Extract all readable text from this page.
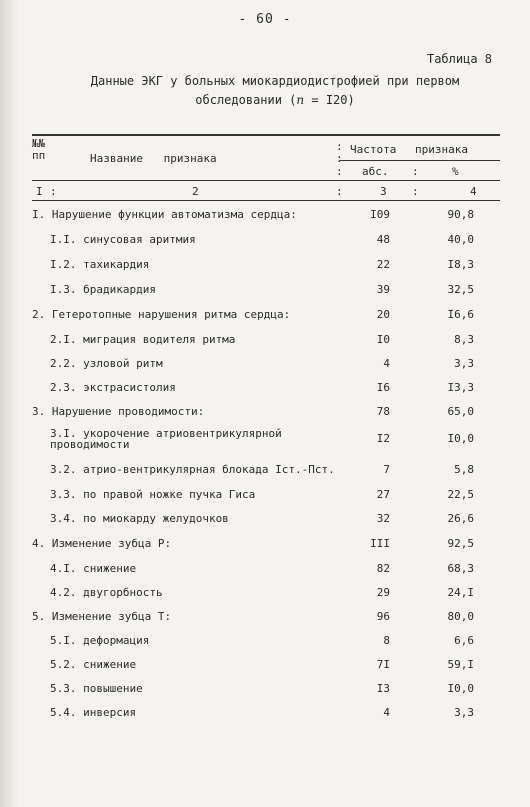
- 60 -
Таблица 8
Данные ЭКГ у больных миокардиодистрофией при первом
обследовании (n = I20)
№№
пп	Название признака
Частота признака
абс.	%
:
:
:	:
I :	2	:	3 :	4
I. Нарушение функции автоматизма сердца:	I09	90,8
I.I. синусовая аритмия	48	40,0
I.2. тахикардия	22	I8,3
I.3. брадикардия	39	32,5
2. Гетеротопные нарушения ритма сердца:	20	I6,6
2.I. миграция водителя ритма	I0	8,3
2.2. узловой ритм	4	3,3
2.3. экстрасистолия	I6	I3,3
3. Нарушение проводимости:	78	65,0
3.I. укорочение атриовентрикулярной проводимости	I2	I0,0
3.2. атрио-вентрикулярная блокада Iст.-Пст.	7	5,8
3.3. по правой ножке пучка Гиса	27	22,5
3.4. по миокарду желудочков	32	26,6
4. Изменение зубца P:	III	92,5
4.I. снижение	82	68,3
4.2. двугорбность	29	24,I
5. Изменение зубца T:	96	80,0
5.I. деформация	8	6,6
5.2. снижение	7I	59,I
5.3. повышение	I3	I0,0
5.4. инверсия	4	3,3
